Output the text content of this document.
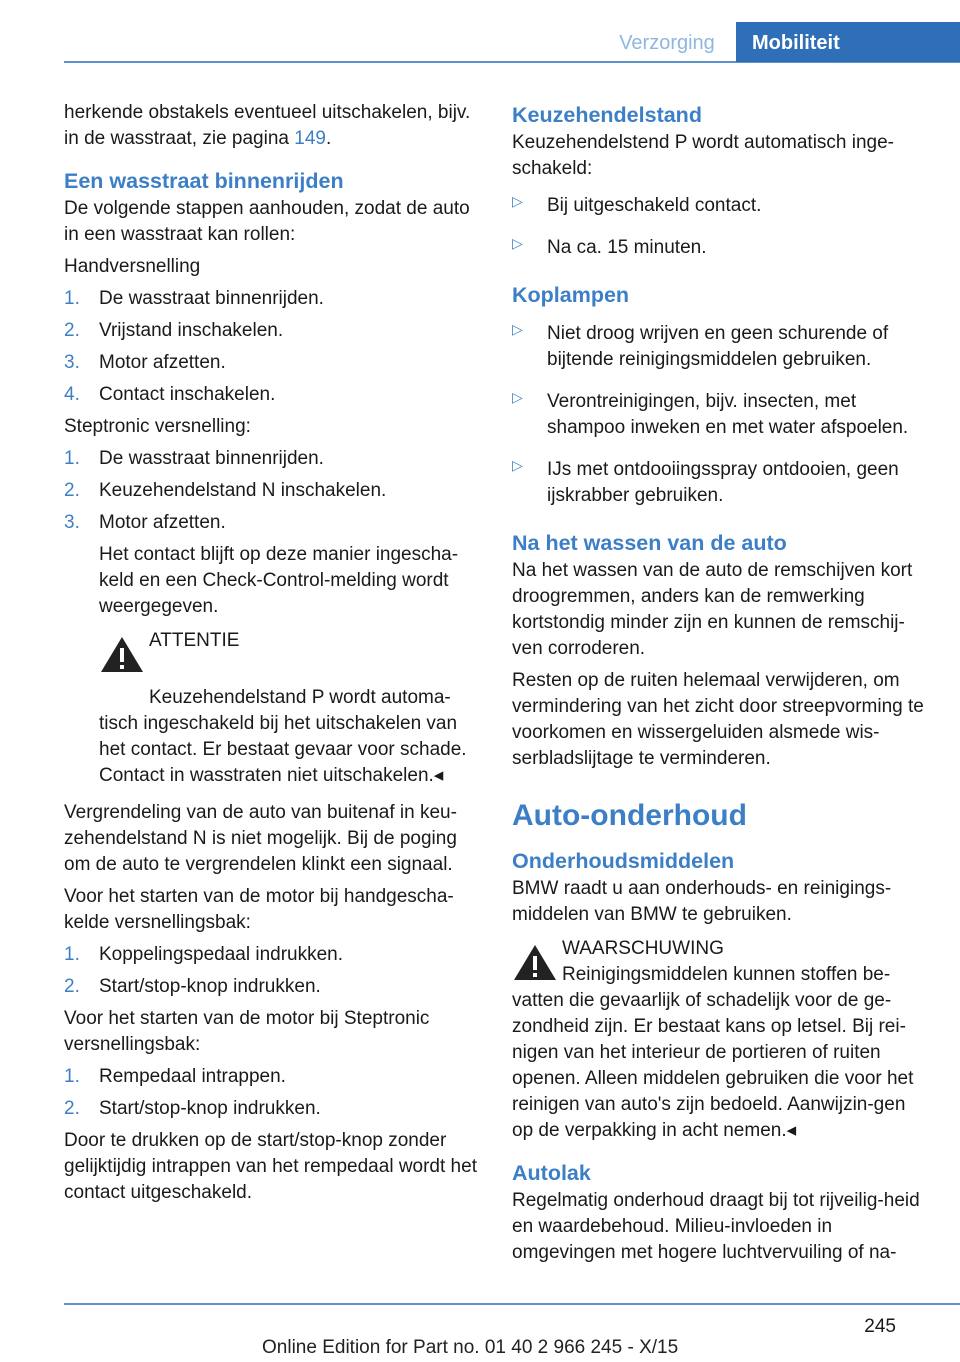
Verzorging	Mobiliteit

herkende obstakels eventueel uitschakelen, bijv. in de wasstraat, zie pagina 149.

Een wasstraat binnenrijden

De volgende stappen aanhouden, zodat de auto in een wasstraat kan rollen:

Handversnelling

1. De wasstraat binnenrijden.
2. Vrijstand inschakelen.
3. Motor afzetten.
4. Contact inschakelen.

Steptronic versnelling:

1. De wasstraat binnenrijden.
2. Keuzehendelstand N inschakelen.
3. Motor afzetten.
Het contact blijft op deze manier ingescha-keld en een Check-Control-melding wordt weergegeven.
ATTENTIE
Keuzehendelstand P wordt automa-tisch ingeschakeld bij het uitschakelen van het contact. Er bestaat gevaar voor schade. Contact in wasstraten niet uitschakelen.◂

Vergrendeling van de auto van buitenaf in keu-zehendelstand N is niet mogelijk. Bij de poging om de auto te vergrendelen klinkt een signaal.

Voor het starten van de motor bij handgescha-kelde versnellingsbak:

1. Koppelingspedaal indrukken.
2. Start/stop-knop indrukken.

Voor het starten van de motor bij Steptronic versnellingsbak:

1. Rempedaal intrappen.
2. Start/stop-knop indrukken.

Door te drukken op de start/stop-knop zonder gelijktijdig intrappen van het rempedaal wordt het contact uitgeschakeld.

Keuzehendelstand

Keuzehendelstend P wordt automatisch inge-schakeld:

▷ Bij uitgeschakeld contact.
▷ Na ca. 15 minuten.
Koplampen
▷ Niet droog wrijven en geen schurende of bijtende reinigingsmiddelen gebruiken.
▷ Verontreinigingen, bijv. insecten, met shampoo inweken en met water afspoelen.
▷ IJs met ontdooiingsspray ontdooien, geen ijskrabber gebruiken.
Na het wassen van de auto

Na het wassen van de auto de remschijven kort droogremmen, anders kan de remwerking kortstondig minder zijn en kunnen de remschij-ven corroderen.

Resten op de ruiten helemaal verwijderen, om vermindering van het zicht door streepvorming te voorkomen en wissergeluiden alsmede wis-serbladslijtage te verminderen.

Auto-onderhoud
Onderhoudsmiddelen

BMW raadt u aan onderhouds- en reinigings-middelen van BMW te gebruiken.

WAARSCHUWING
Reinigingsmiddelen kunnen stoffen be-vatten die gevaarlijk of schadelijk voor de ge-zondheid zijn. Er bestaat kans op letsel. Bij rei-nigen van het interieur de portieren of ruiten openen. Alleen middelen gebruiken die voor het reinigen van auto's zijn bedoeld. Aanwijzin-gen op de verpakking in acht nemen.◂
Autolak

Regelmatig onderhoud draagt bij tot rijveilig-heid en waardebehoud. Milieu-invloeden in omgevingen met hogere luchtvervuiling of na-

245
Online Edition for Part no. 01 40 2 966 245 - X/15
